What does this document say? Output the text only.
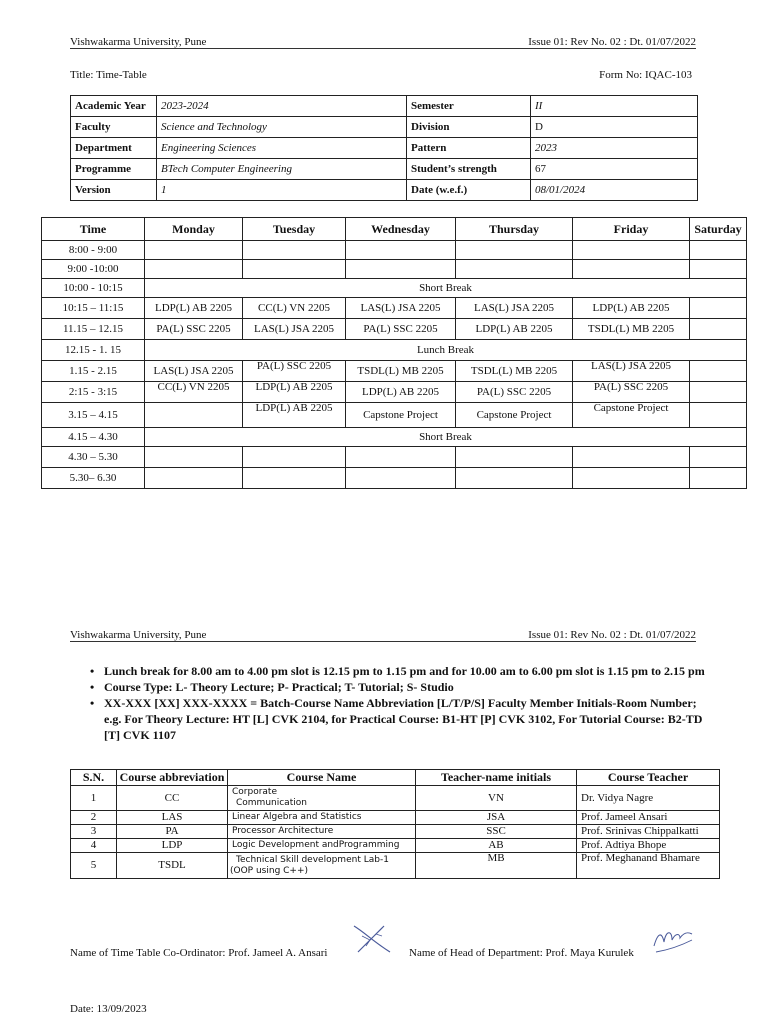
Vishwakarma University, Pune	Issue 01: Rev No. 02 : Dt. 01/07/2022
Title: Time-Table	Form No: IQAC-103
Academic Year	2023-2024	Semester	II
Faculty	Science and Technology	Division	D
Department	Engineering Sciences	Pattern	2023
Programme	BTech Computer Engineering	Student’s strength	67
Version	1	Date (w.e.f.)	08/01/2024
Time	Monday	Tuesday	Wednesday	Thursday	Friday	Saturday
8:00 - 9:00						
9:00 -10:00						
10:00 - 10:15	Short Break					
10:15 – 11:15	LDP(L) AB 2205	CC(L) VN 2205	LAS(L) JSA 2205	LAS(L) JSA 2205	LDP(L) AB 2205	
11.15 – 12.15	PA(L) SSC 2205	LAS(L) JSA 2205	PA(L) SSC 2205	LDP(L) AB 2205	TSDL(L) MB 2205	
12.15 - 1. 15	Lunch Break					
1.15 - 2.15	LAS(L) JSA 2205	PA(L) SSC 2205	TSDL(L) MB 2205	TSDL(L) MB 2205	LAS(L) JSA 2205	
2:15 - 3:15	CC(L) VN 2205	LDP(L) AB 2205	LDP(L) AB 2205	PA(L) SSC 2205	PA(L) SSC 2205	
3.15 – 4.15		LDP(L) AB 2205	Capstone Project	Capstone Project	Capstone Project	
4.15 – 4.30	Short Break					
4.30 – 5.30						
5.30– 6.30						
Vishwakarma University, Pune	Issue 01: Rev No. 02 : Dt. 01/07/2022
• Lunch break for 8.00 am to 4.00 pm slot is 12.15 pm to 1.15 pm and for 10.00 am to 6.00 pm slot is 1.15 pm to 2.15 pm
• Course Type: L- Theory Lecture; P- Practical; T- Tutorial; S- Studio
• XX-XXX [XX] XXX-XXXX = Batch-Course Name Abbreviation [L/T/P/S] Faculty Member Initials-Room Number; e.g. For Theory Lecture: HT [L] CVK 2104, for Practical Course: B1-HT [P] CVK 3102, For Tutorial Course: B2-TD [T] CVK 1107
S.N.	Course abbreviation	Course Name	Teacher-name initials	Course Teacher
1	CC	Corporate
Communication	VN	Dr. Vidya Nagre
2	LAS	Linear Algebra and Statistics	JSA	Prof. Jameel Ansari
3	PA	Processor Architecture	SSC	Prof. Srinivas Chippalkatti
4	LDP	Logic Development andProgramming	AB	Prof. Adtiya Bhope
5	TSDL	Technical Skill development Lab-1
(OOP using C++)	MB	Prof. Meghanand Bhamare
Name of Time Table Co-Ordinator: Prof. Jameel A. Ansari	Name of Head of Department: Prof. Maya Kurulek
Date: 13/09/2023
